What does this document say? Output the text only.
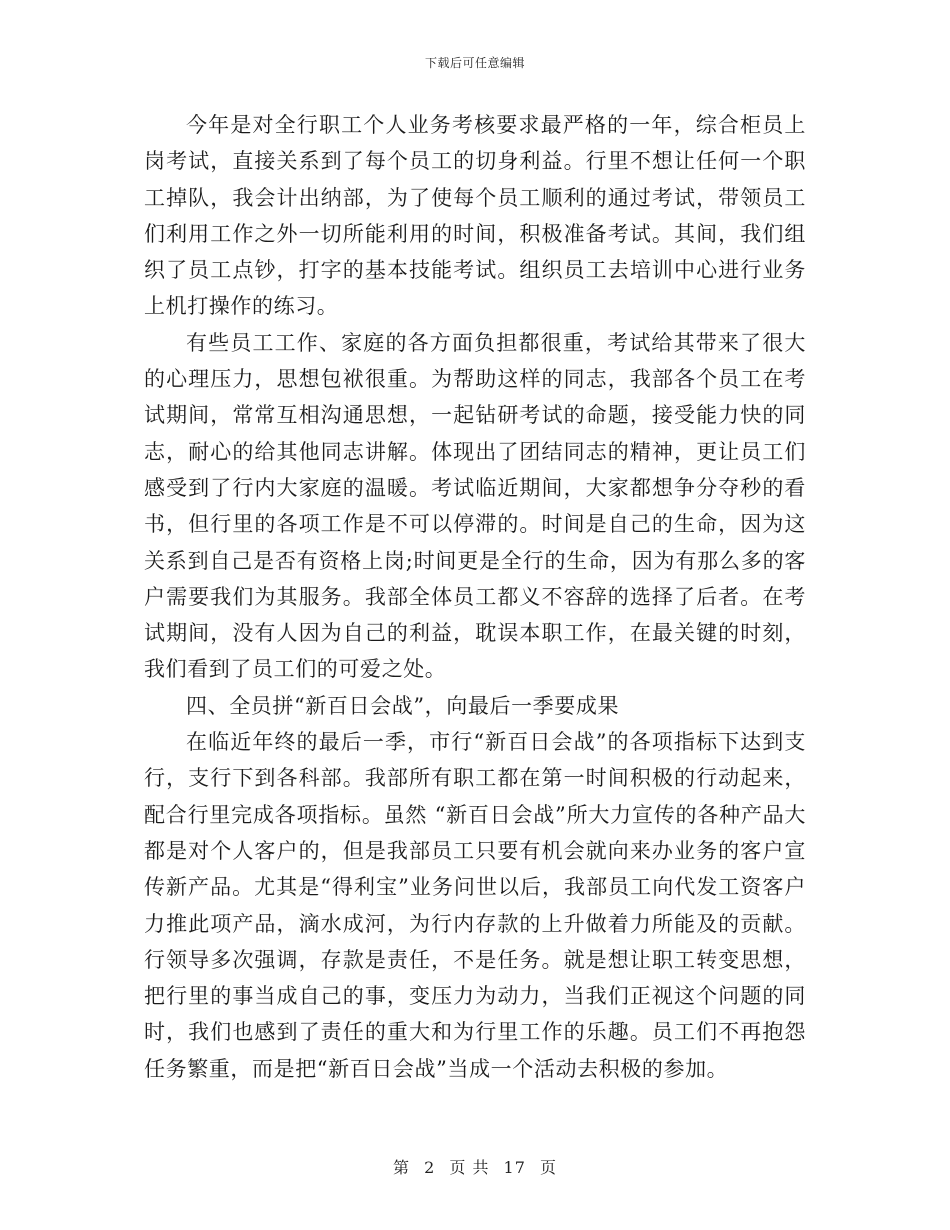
下载后可任意编辑

今年是对全行职工个人业务考核要求最严格的一年，综合柜员上岗考试，直接关系到了每个员工的切身利益。行里不想让任何一个职工掉队，我会计出纳部，为了使每个员工顺利的通过考试，带领员工们利用工作之外一切所能利用的时间，积极准备考试。其间，我们组织了员工点钞，打字的基本技能考试。组织员工去培训中心进行业务上机打操作的练习。

有些员工工作、家庭的各方面负担都很重，考试给其带来了很大的心理压力，思想包袱很重。为帮助这样的同志，我部各个员工在考试期间，常常互相沟通思想，一起钻研考试的命题，接受能力快的同志，耐心的给其他同志讲解。体现出了团结同志的精神，更让员工们感受到了行内大家庭的温暖。考试临近期间，大家都想争分夺秒的看书，但行里的各项工作是不可以停滞的。时间是自己的生命，因为这关系到自己是否有资格上岗;时间更是全行的生命，因为有那么多的客户需要我们为其服务。我部全体员工都义不容辞的选择了后者。在考试期间，没有人因为自己的利益，耽误本职工作，在最关键的时刻，我们看到了员工们的可爱之处。

四、全员拼“新百日会战”，向最后一季要成果

在临近年终的最后一季，市行“新百日会战”的各项指标下达到支行，支行下到各科部。我部所有职工都在第一时间积极的行动起来，配合行里完成各项指标。虽然 “新百日会战”所大力宣传的各种产品大都是对个人客户的，但是我部员工只要有机会就向来办业务的客户宣传新产品。尤其是“得利宝”业务问世以后，我部员工向代发工资客户力推此项产品，滴水成河，为行内存款的上升做着力所能及的贡献。行领导多次强调，存款是责任，不是任务。就是想让职工转变思想，把行里的事当成自己的事，变压力为动力，当我们正视这个问题的同时，我们也感到了责任的重大和为行里工作的乐趣。员工们不再抱怨任务繁重，而是把“新百日会战”当成一个活动去积极的参加。

第 2 页 共 17 页
